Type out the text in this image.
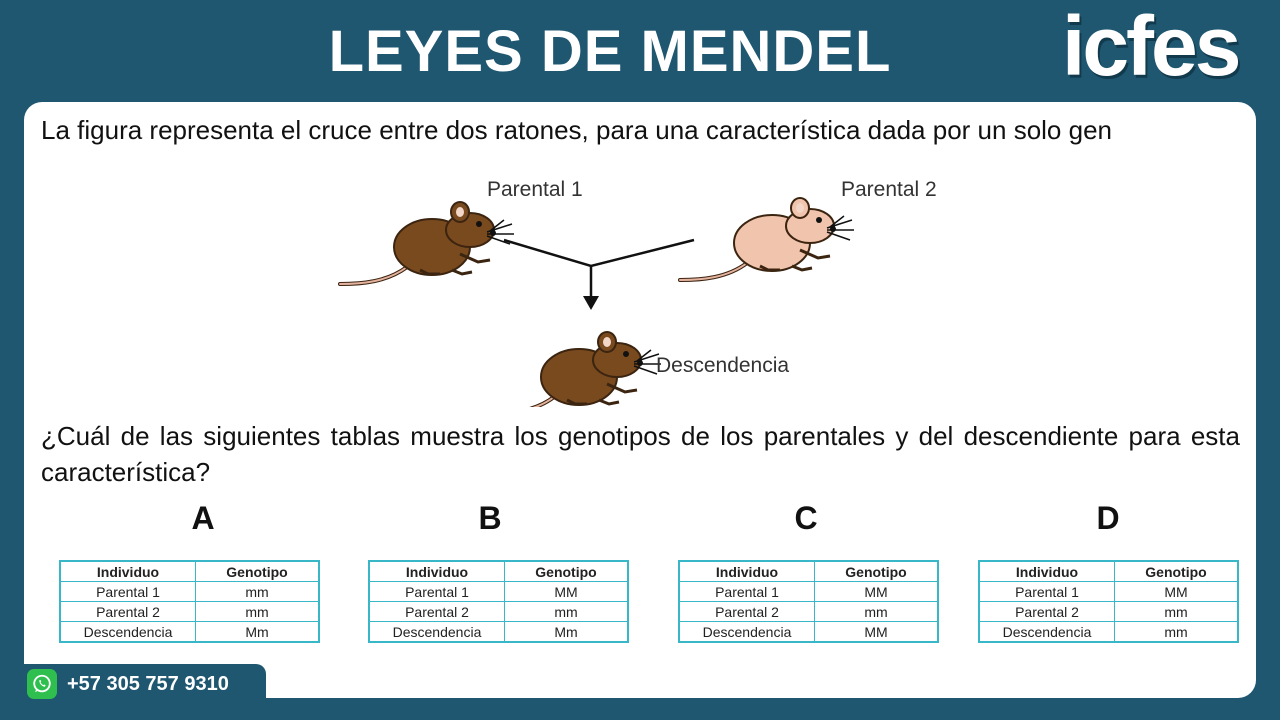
LEYES DE MENDEL	icfes
La figura representa el cruce entre dos ratones, para una característica dada por un solo gen
Parental 1	Parental 2
Descendencia
¿Cuál de las siguientes tablas muestra los genotipos de los parentales y del descendiente para esta característica?
A	B	C	D
Individuo	Genotipo
Parental 1	mm
Parental 2	mm
Descendencia	Mm
Individuo	Genotipo
Parental 1	MM
Parental 2	mm
Descendencia	Mm
Individuo	Genotipo
Parental 1	MM
Parental 2	mm
Descendencia	MM
Individuo	Genotipo
Parental 1	MM
Parental 2	mm
Descendencia	mm
+57 305 757 9310
